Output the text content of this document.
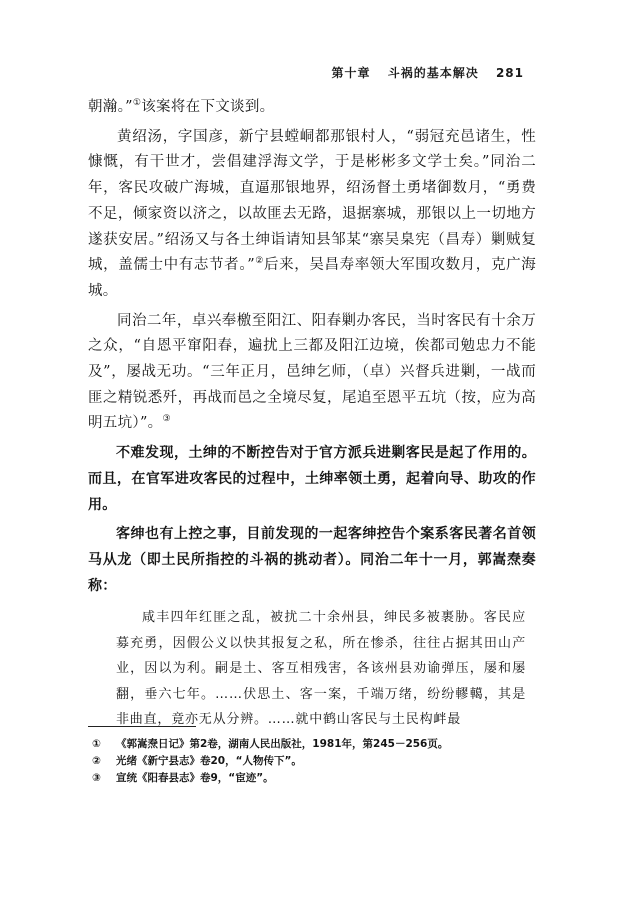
第十章 斗祸的基本解决 281

朝瀚。”①该案将在下文谈到。

黄绍汤，字国彦，新宁县螳峒都那银村人，“弱冠充邑诸生，性慷慨，有干世才，尝倡建浮海文学，于是彬彬多文学士矣。”同治二年，客民攻破广海城，直逼那银地界，绍汤督土勇堵御数月，“勇费不足，倾家资以济之，以故匪去无路，退据寨城，那银以上一切地方遂获安居。”绍汤又与各土绅诣请知县邹某“寨吴臬宪（昌寿）剿贼复城，盖儒士中有志节者。”②后来，吴昌寿率领大军围攻数月，克广海城。

同治二年，卓兴奉檄至阳江、阳春剿办客民，当时客民有十余万之众，“自恩平窜阳春，遍扰上三都及阳江边境，俟都司勉忠力不能及”，屡战无功。“三年正月，邑绅乞师，（卓）兴督兵进剿，一战而匪之精锐悉歼，再战而邑之全境尽复，尾追至恩平五坑（按，应为高明五坑）”。③

不难发现，土绅的不断控告对于官方派兵进剿客民是起了作用的。而且，在官军进攻客民的过程中，土绅率领土勇，起着向导、助攻的作用。

客绅也有上控之事，目前发现的一起客绅控告个案系客民著名首领马从龙（即土民所指控的斗祸的挑动者）。同治二年十一月，郭嵩焘奏称：

咸丰四年红匪之乱，被扰二十余州县，绅民多被裹胁。客民应募充勇，因假公义以快其报复之私，所在惨杀，往往占据其田山产业，因以为利。嗣是土、客互相残害，各该州县劝谕弹压，屡和屡翻，垂六七年。……伏思土、客一案，千端万绪，纷纷轇轕，其是非曲直，竟亦无从分辨。……就中鹤山客民与土民构衅最

①	《郭嵩焘日记》第2卷，湖南人民出版社，1981年，第245－256页。
②	光绪《新宁县志》卷20，“人物传下”。
③	宣统《阳春县志》卷9，“宦迹”。
